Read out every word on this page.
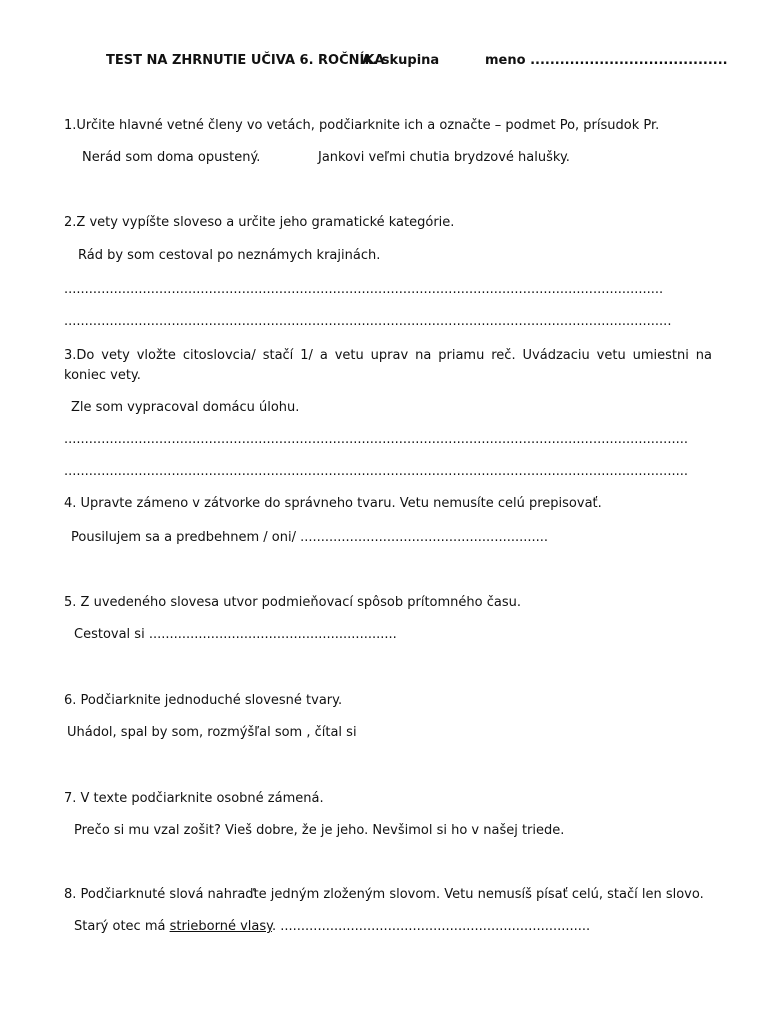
TEST NA ZHRNUTIE UČIVA 6. ROČNÍKA
A. skupina	meno ........................................
1.Určite hlavné vetné členy vo vetách, podčiarknite ich a označte – podmet Po, prísudok Pr.
Nerád som doma opustený.	Jankovi veľmi chutia brydzové halušky.
2.Z vety vypíšte sloveso a určite jeho gramatické kategórie.
Rád by som cestoval po neznámych krajinách.
.................................................................................................................................................
...................................................................................................................................................
3.Do vety vložte citoslovcia/ stačí 1/ a vetu uprav na priamu reč. Uvádzaciu vetu umiestni na koniec vety.
Zle som vypracoval domácu úlohu.
.......................................................................................................................................................
.......................................................................................................................................................
4. Upravte zámeno v zátvorke do správneho tvaru. Vetu nemusíte celú prepisovať.
Pousilujem sa a predbehnem / oni/ ............................................................
5. Z uvedeného slovesa utvor podmieňovací spôsob prítomného času.
Cestoval si ............................................................
6. Podčiarknite jednoduché slovesné tvary.
Uhádol, spal by som, rozmýšľal som , čítal si
7. V texte podčiarknite osobné zámená.
Prečo si mu vzal zošit? Vieš dobre, že je jeho. Nevšimol si ho v našej triede.
8. Podčiarknuté slová nahraďte jedným zloženým slovom. Vetu nemusíš písať celú, stačí len slovo.
Starý otec má strieborné vlasy. ...........................................................................
